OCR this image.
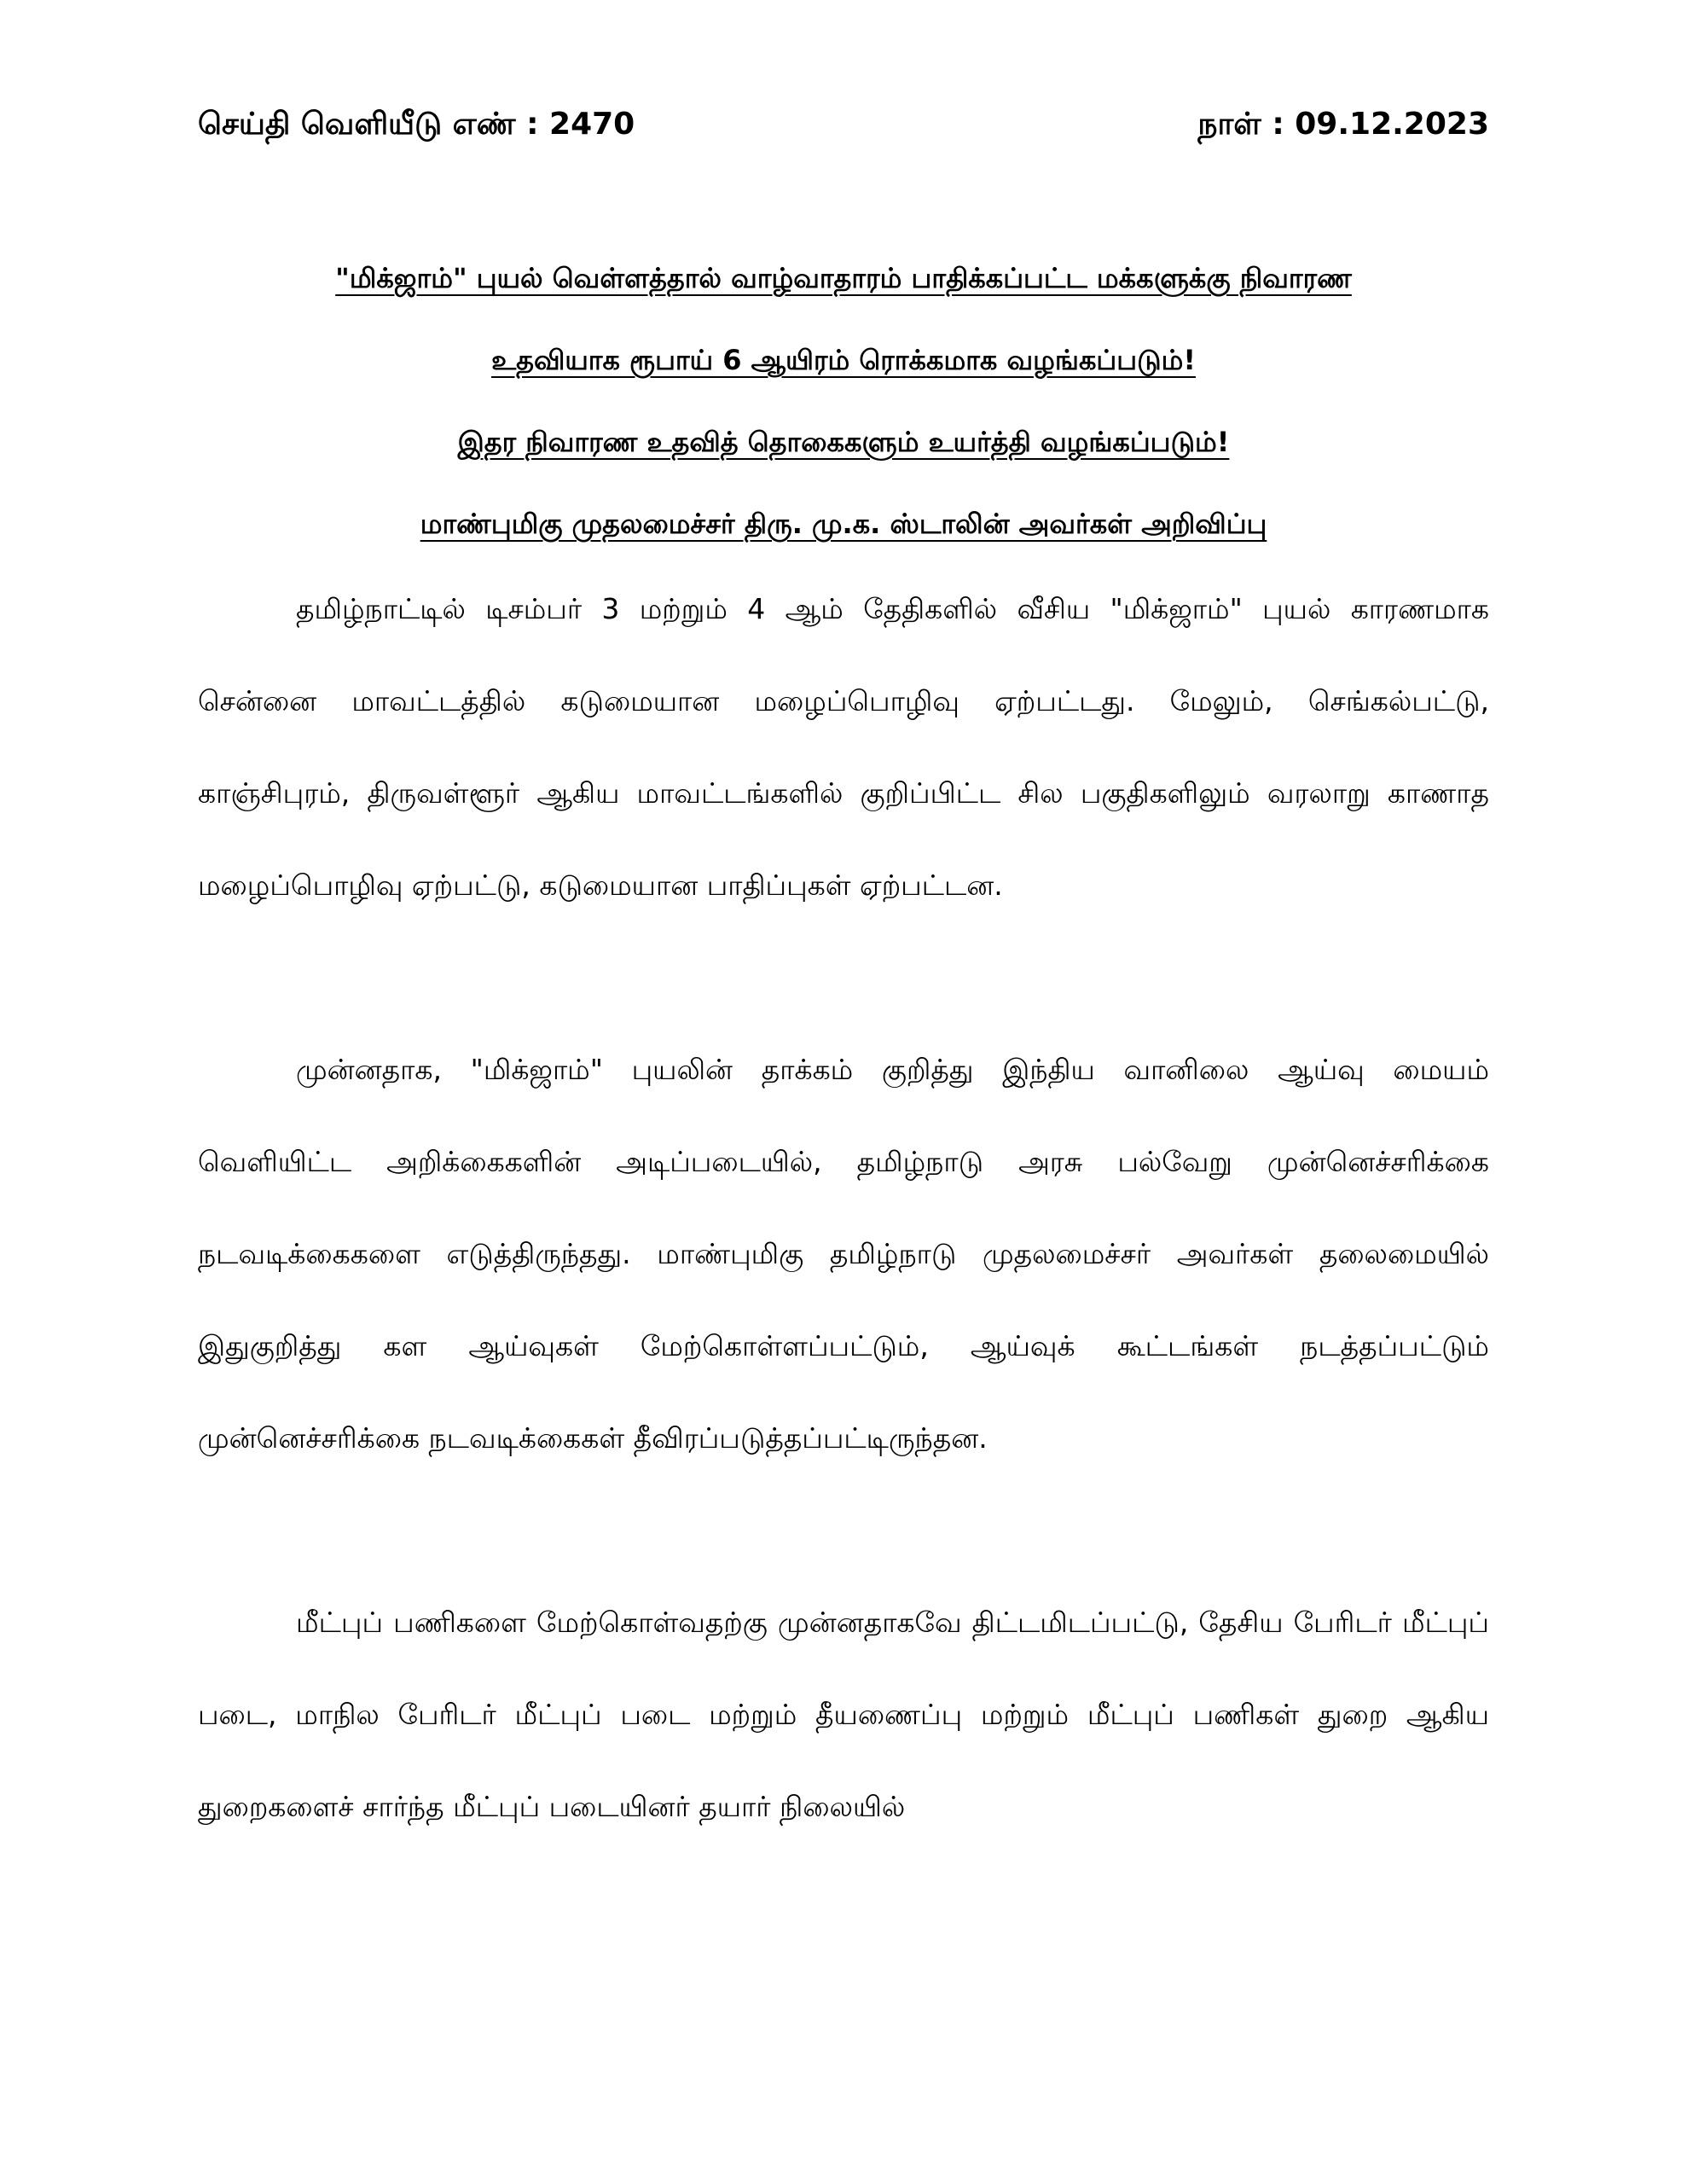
செய்தி வெளியீடு எண் : 2470	நாள் : 09.12.2023
"மிக்ஜாம்" புயல் வெள்ளத்தால் வாழ்வாதாரம் பாதிக்கப்பட்ட மக்களுக்கு நிவாரண
உதவியாக ரூபாய் 6 ஆயிரம் ரொக்கமாக வழங்கப்படும்!
இதர நிவாரண உதவித் தொகைகளும் உயர்த்தி வழங்கப்படும்!
மாண்புமிகு முதலமைச்சர் திரு. மு.க. ஸ்டாலின் அவர்கள் அறிவிப்பு

தமிழ்நாட்டில் டிசம்பர் 3 மற்றும் 4 ஆம் தேதிகளில் வீசிய "மிக்ஜாம்" புயல் காரணமாக சென்னை மாவட்டத்தில் கடுமையான மழைப்பொழிவு ஏற்பட்டது. மேலும், செங்கல்பட்டு, காஞ்சிபுரம், திருவள்ளூர் ஆகிய மாவட்டங்களில் குறிப்பிட்ட சில பகுதிகளிலும் வரலாறு காணாத மழைப்பொழிவு ஏற்பட்டு, கடுமையான பாதிப்புகள் ஏற்பட்டன.

முன்னதாக, "மிக்ஜாம்" புயலின் தாக்கம் குறித்து இந்திய வானிலை ஆய்வு மையம் வெளியிட்ட அறிக்கைகளின் அடிப்படையில், தமிழ்நாடு அரசு பல்வேறு முன்னெச்சரிக்கை நடவடிக்கைகளை எடுத்திருந்தது. மாண்புமிகு தமிழ்நாடு முதலமைச்சர் அவர்கள் தலைமையில் இதுகுறித்து கள ஆய்வுகள் மேற்கொள்ளப்பட்டும், ஆய்வுக் கூட்டங்கள் நடத்தப்பட்டும் முன்னெச்சரிக்கை நடவடிக்கைகள் தீவிரப்படுத்தப்பட்டிருந்தன.

மீட்புப் பணிகளை மேற்கொள்வதற்கு முன்னதாகவே திட்டமிடப்பட்டு, தேசிய பேரிடர் மீட்புப் படை, மாநில பேரிடர் மீட்புப் படை மற்றும் தீயணைப்பு மற்றும் மீட்புப் பணிகள் துறை ஆகிய துறைகளைச் சார்ந்த மீட்புப் படையினர் தயார் நிலையில்
